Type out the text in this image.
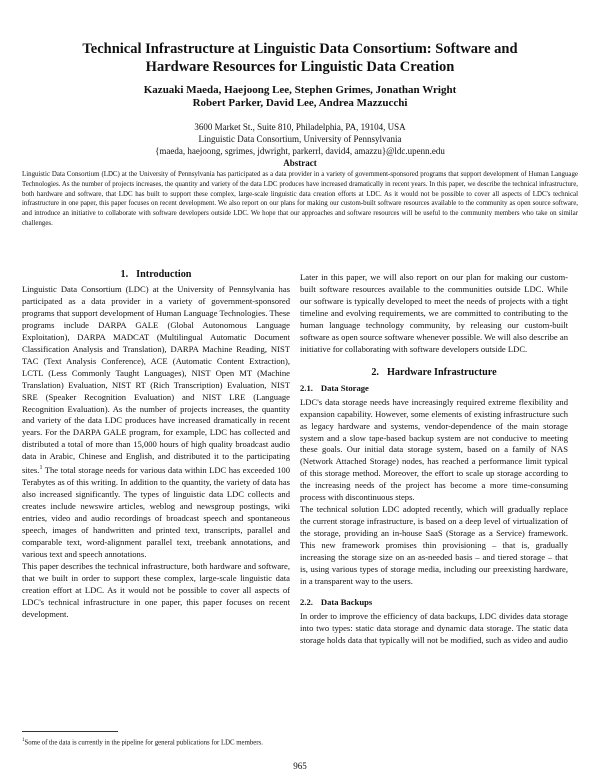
Technical Infrastructure at Linguistic Data Consortium: Software and Hardware Resources for Linguistic Data Creation
Kazuaki Maeda, Haejoong Lee, Stephen Grimes, Jonathan Wright
Robert Parker, David Lee, Andrea Mazzucchi
3600 Market St., Suite 810, Philadelphia, PA, 19104, USA
Linguistic Data Consortium, University of Pennsylvania
{maeda, haejoong, sgrimes, jdwright, parkerrl, david4, amazzu}@ldc.upenn.edu
Abstract

Linguistic Data Consortium (LDC) at the University of Pennsylvania has participated as a data provider in a variety of government-sponsored programs that support development of Human Language Technologies. As the number of projects increases, the quantity and variety of the data LDC produces have increased dramatically in recent years. In this paper, we describe the technical infrastructure, both hardware and software, that LDC has built to support these complex, large-scale linguistic data creation efforts at LDC. As it would not be possible to cover all aspects of LDC's technical infrastructure in one paper, this paper focuses on recent development. We also report on our plans for making our custom-built software resources available to the community as open source software, and introduce an initiative to collaborate with software developers outside LDC. We hope that our approaches and software resources will be useful to the community members who take on similar challenges.

1. Introduction

Linguistic Data Consortium (LDC) at the University of Pennsylvania has participated as a data provider in a variety of government-sponsored programs that support development of Human Language Technologies. These programs include DARPA GALE (Global Autonomous Language Exploitation), DARPA MADCAT (Multilingual Automatic Document Classification Analysis and Translation), DARPA Machine Reading, NIST TAC (Text Analysis Conference), ACE (Automatic Content Extraction), LCTL (Less Commonly Taught Languages), NIST Open MT (Machine Translation) Evaluation, NIST RT (Rich Transcription) Evaluation, NIST SRE (Speaker Recognition Evaluation) and NIST LRE (Language Recognition Evaluation). As the number of projects increases, the quantity and variety of the data LDC produces have increased dramatically in recent years. For the DARPA GALE program, for example, LDC has collected and distributed a total of more than 15,000 hours of high quality broadcast audio data in Arabic, Chinese and English, and distributed it to the participating sites.$^1$ The total storage needs for various data within LDC has exceeded 100 Terabytes as of this writing. In addition to the quantity, the variety of data has also increased significantly. The types of linguistic data LDC collects and creates include newswire articles, weblog and newsgroup postings, wiki entries, video and audio recordings of broadcast speech and spontaneous speech, images of handwritten and printed text, transcripts, parallel and comparable text, word-alignment parallel text, treebank annotations, and various text and speech annotations.

This paper describes the technical infrastructure, both hardware and software, that we built in order to support these complex, large-scale linguistic data creation effort at LDC. As it would not be possible to cover all aspects of LDC's technical infrastructure in one paper, this paper focuses on recent development.

$^1$Some of the data is currently in the pipeline for general publications for LDC members.

Later in this paper, we will also report on our plan for making our custom-built software resources available to the communities outside LDC. While our software is typically developed to meet the needs of projects with a tight timeline and evolving requirements, we are committed to contributing to the human language technology community, by releasing our custom-built software as open source software whenever possible. We will also describe an initiative for collaborating with software developers outside LDC.

2. Hardware Infrastructure
2.1. Data Storage

LDC's data storage needs have increasingly required extreme flexibility and expansion capability. However, some elements of existing infrastructure such as legacy hardware and systems, vendor-dependence of the main storage system and a slow tape-based backup system are not conducive to meeting these goals. Our initial data storage system, based on a family of NAS (Network Attached Storage) nodes, has reached a performance limit typical of this storage method. Moreover, the effort to scale up storage according to the increasing needs of the project has become a more time-consuming process with discontinuous steps.

The technical solution LDC adopted recently, which will gradually replace the current storage infrastructure, is based on a deep level of virtualization of the storage, providing an in-house SaaS (Storage as a Service) framework. This new framework promises thin provisioning – that is, gradually increasing the storage size on an as-needed basis – and tiered storage – that is, using various types of storage media, including our preexisting hardware, in a transparent way to the users.

2.2. Data Backups

In order to improve the efficiency of data backups, LDC divides data storage into two types: static data storage and dynamic data storage. The static data storage holds data that typically will not be modified, such as video and audio

965
